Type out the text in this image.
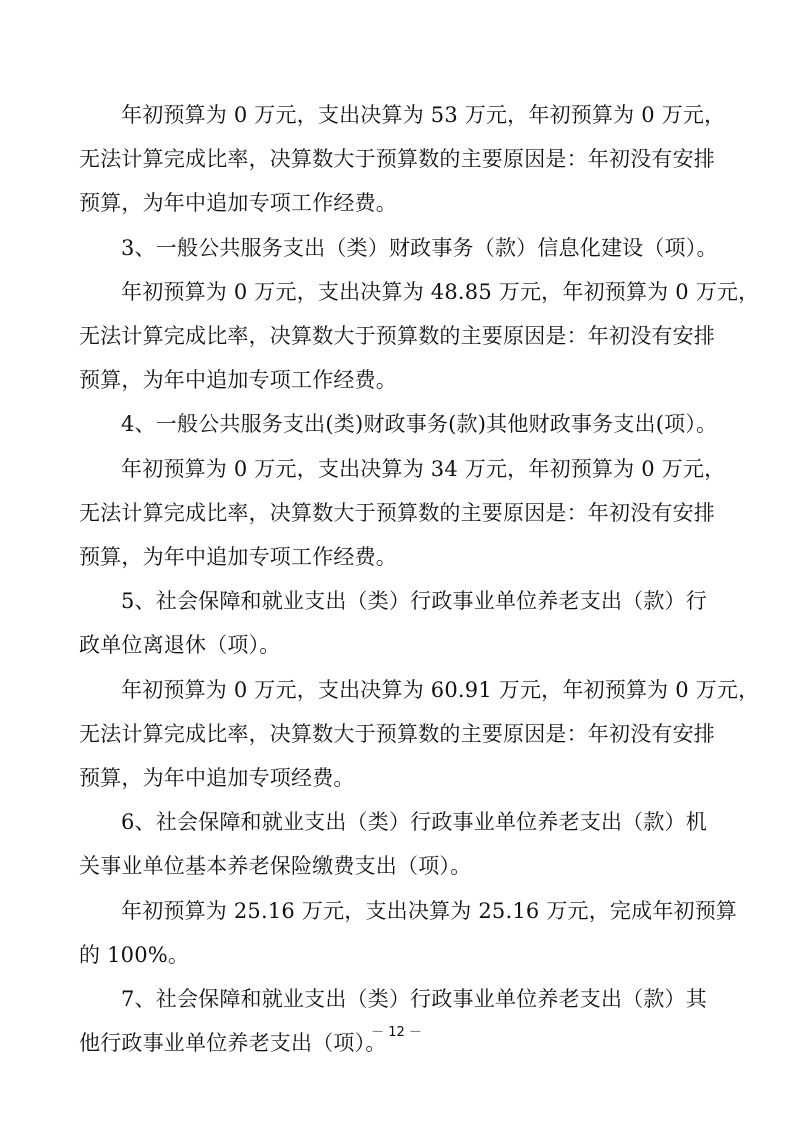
年初预算为 0 万元，支出决算为 53 万元，年初预算为 0 万元，
无法计算完成比率，决算数大于预算数的主要原因是：年初没有安排
预算，为年中追加专项工作经费。
3、一般公共服务支出（类）财政事务（款）信息化建设（项）。
年初预算为 0 万元，支出决算为 48.85 万元，年初预算为 0 万元，
无法计算完成比率，决算数大于预算数的主要原因是：年初没有安排
预算，为年中追加专项工作经费。
4、一般公共服务支出(类)财政事务(款)其他财政事务支出(项）。
年初预算为 0 万元，支出决算为 34 万元，年初预算为 0 万元，
无法计算完成比率，决算数大于预算数的主要原因是：年初没有安排
预算，为年中追加专项工作经费。
5、社会保障和就业支出（类）行政事业单位养老支出（款）行
政单位离退休（项）。
年初预算为 0 万元，支出决算为 60.91 万元，年初预算为 0 万元，
无法计算完成比率，决算数大于预算数的主要原因是：年初没有安排
预算，为年中追加专项经费。
6、社会保障和就业支出（类）行政事业单位养老支出（款）机
关事业单位基本养老保险缴费支出（项）。
年初预算为 25.16 万元，支出决算为 25.16 万元，完成年初预算
的 100%。
7、社会保障和就业支出（类）行政事业单位养老支出（款）其
他行政事业单位养老支出（项）。
－ 12 －
